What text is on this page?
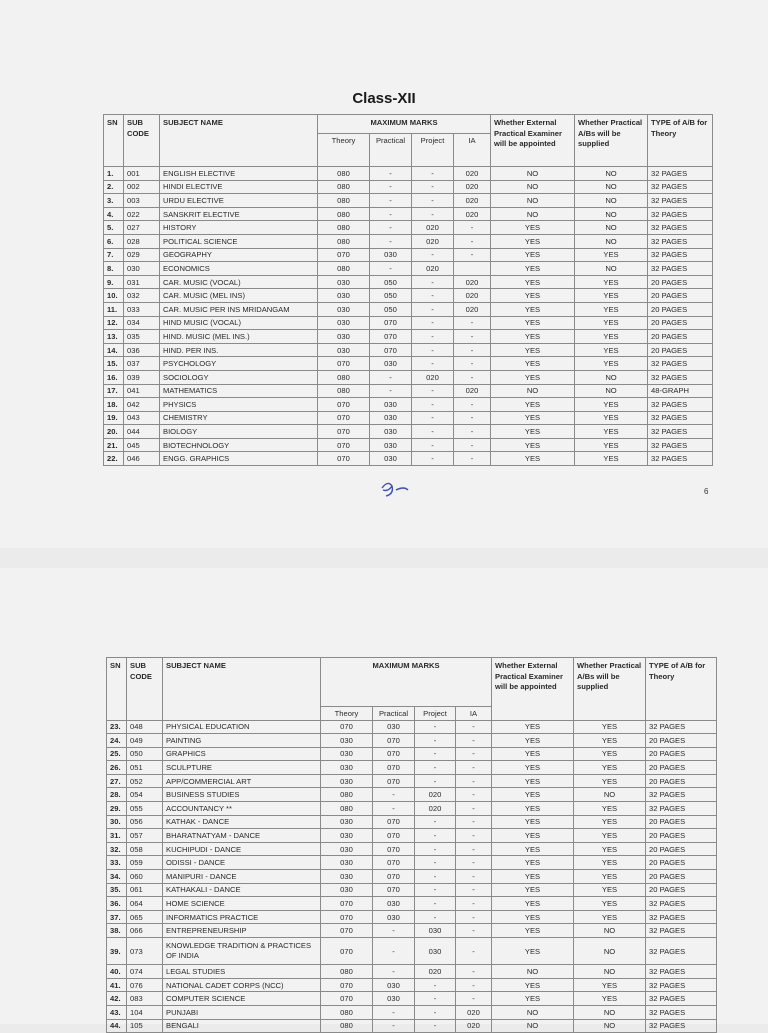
Class-XII
SN	SUB CODE	SUBJECT NAME	MAXIMUM MARKS				Whether External Practical Examiner will be appointed	Whether Practical A/Bs will be supplied	TYPE of A/B for Theory
			Theory	Practical	Project	IA			
1.	001	ENGLISH ELECTIVE	080	-	-	020	NO	NO	32 PAGES
2.	002	HINDI ELECTIVE	080	-	-	020	NO	NO	32 PAGES
3.	003	URDU ELECTIVE	080	-	-	020	NO	NO	32 PAGES
4.	022	SANSKRIT ELECTIVE	080	-	-	020	NO	NO	32 PAGES
5.	027	HISTORY	080	-	020	-	YES	NO	32 PAGES
6.	028	POLITICAL SCIENCE	080	-	020	-	YES	NO	32 PAGES
7.	029	GEOGRAPHY	070	030	-	-	YES	YES	32 PAGES
8.	030	ECONOMICS	080	-	020		YES	NO	32 PAGES
9.	031	CAR. MUSIC (VOCAL)	030	050	-	020	YES	YES	20 PAGES
10.	032	CAR. MUSIC (MEL INS)	030	050	-	020	YES	YES	20 PAGES
11.	033	CAR. MUSIC PER INS MRIDANGAM	030	050	-	020	YES	YES	20 PAGES
12.	034	HIND MUSIC (VOCAL)	030	070	-	-	YES	YES	20 PAGES
13.	035	HIND. MUSIC (MEL INS.)	030	070	-	-	YES	YES	20 PAGES
14.	036	HIND. PER INS.	030	070	-	-	YES	YES	20 PAGES
15.	037	PSYCHOLOGY	070	030	-	-	YES	YES	32 PAGES
16.	039	SOCIOLOGY	080	-	020	-	YES	NO	32 PAGES
17.	041	MATHEMATICS	080	-	-	020	NO	NO	48-GRAPH
18.	042	PHYSICS	070	030	-	-	YES	YES	32 PAGES
19.	043	CHEMISTRY	070	030	-	-	YES	YES	32 PAGES
20.	044	BIOLOGY	070	030	-	-	YES	YES	32 PAGES
21.	045	BIOTECHNOLOGY	070	030	-	-	YES	YES	32 PAGES
22.	046	ENGG. GRAPHICS	070	030	-	-	YES	YES	32 PAGES
6
SN	SUB CODE	SUBJECT NAME	MAXIMUM MARKS				Whether External Practical Examiner will be appointed	Whether Practical A/Bs will be supplied	TYPE of A/B for Theory
			Theory	Practical	Project	IA			
23.	048	PHYSICAL EDUCATION	070	030	-	-	YES	YES	32 PAGES
24.	049	PAINTING	030	070	-	-	YES	YES	20 PAGES
25.	050	GRAPHICS	030	070	-	-	YES	YES	20 PAGES
26.	051	SCULPTURE	030	070	-	-	YES	YES	20 PAGES
27.	052	APP/COMMERCIAL ART	030	070	-	-	YES	YES	20 PAGES
28.	054	BUSINESS STUDIES	080	-	020	-	YES	NO	32 PAGES
29.	055	ACCOUNTANCY **	080	-	020	-	YES	YES	32 PAGES
30.	056	KATHAK - DANCE	030	070	-	-	YES	YES	20 PAGES
31.	057	BHARATNATYAM - DANCE	030	070	-	-	YES	YES	20 PAGES
32.	058	KUCHIPUDI - DANCE	030	070	-	-	YES	YES	20 PAGES
33.	059	ODISSI - DANCE	030	070	-	-	YES	YES	20 PAGES
34.	060	MANIPURI - DANCE	030	070	-	-	YES	YES	20 PAGES
35.	061	KATHAKALI - DANCE	030	070	-	-	YES	YES	20 PAGES
36.	064	HOME SCIENCE	070	030	-	-	YES	YES	32 PAGES
37.	065	INFORMATICS PRACTICE	070	030	-	-	YES	YES	32 PAGES
38.	066	ENTREPRENEURSHIP	070	-	030	-	YES	NO	32 PAGES
39.	073	KNOWLEDGE TRADITION & PRACTICES OF INDIA	070	-	030	-	YES	NO	32 PAGES
40.	074	LEGAL STUDIES	080	-	020	-	NO	NO	32 PAGES
41.	076	NATIONAL CADET CORPS (NCC)	070	030	-	-	YES	YES	32 PAGES
42.	083	COMPUTER SCIENCE	070	030	-	-	YES	YES	32 PAGES
43.	104	PUNJABI	080	-	-	020	NO	NO	32 PAGES
44.	105	BENGALI	080	-	-	020	NO	NO	32 PAGES
